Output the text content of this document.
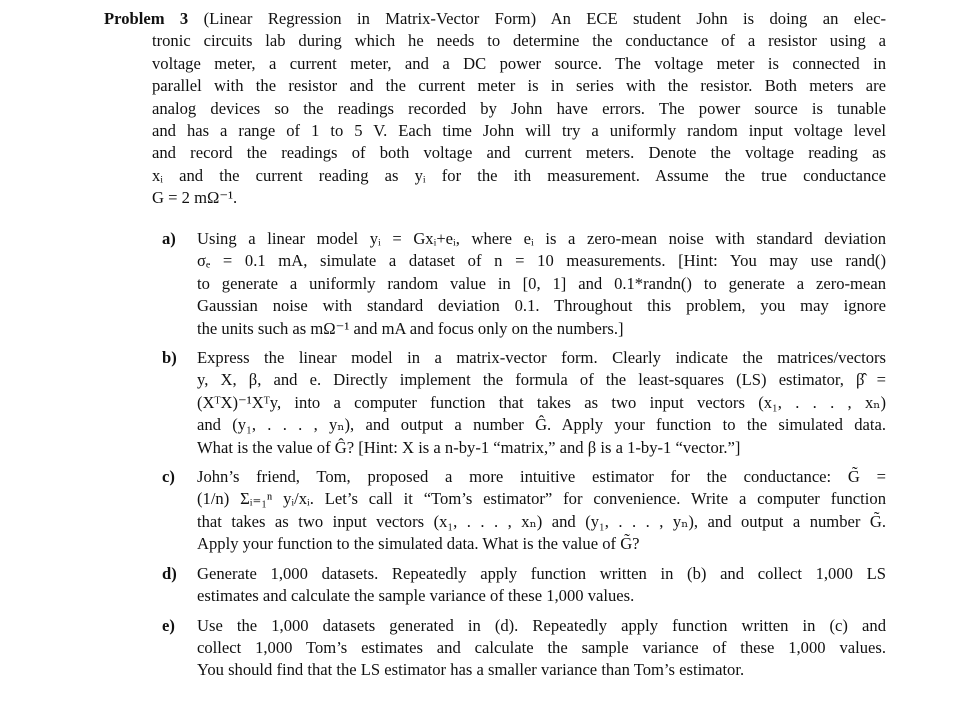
Problem 3 (Linear Regression in Matrix-Vector Form) An ECE student John is doing an elec-
tronic circuits lab during which he needs to determine the conductance of a resistor using a
voltage meter, a current meter, and a DC power source. The voltage meter is connected in
parallel with the resistor and the current meter is in series with the resistor. Both meters are
analog devices so the readings recorded by John have errors. The power source is tunable
and has a range of 1 to 5 V. Each time John will try a uniformly random input voltage level
and record the readings of both voltage and current meters. Denote the voltage reading as
xᵢ and the current reading as yᵢ for the ith measurement. Assume the true conductance
G = 2 mΩ⁻¹.
a) Using a linear model yᵢ = Gxᵢ+eᵢ, where eᵢ is a zero-mean noise with standard deviation
σₑ = 0.1 mA, simulate a dataset of n = 10 measurements. [Hint: You may use rand()
to generate a uniformly random value in [0, 1] and 0.1*randn() to generate a zero-mean
Gaussian noise with standard deviation 0.1. Throughout this problem, you may ignore
the units such as mΩ⁻¹ and mA and focus only on the numbers.]
b) Express the linear model in a matrix-vector form. Clearly indicate the matrices/vectors
y, X, β, and e. Directly implement the formula of the least-squares (LS) estimator, β̂ =
(XᵀX)⁻¹Xᵀy, into a computer function that takes as two input vectors (x₁, . . . , xₙ)
and (y₁, . . . , yₙ), and output a number Ĝ. Apply your function to the simulated data.
What is the value of Ĝ? [Hint: X is a n-by-1 “matrix,” and β is a 1-by-1 “vector.”]
c) John’s friend, Tom, proposed a more intuitive estimator for the conductance: G̃ =
(1/n) Σᵢ₌₁ⁿ yᵢ/xᵢ. Let’s call it “Tom’s estimator” for convenience. Write a computer function
that takes as two input vectors (x₁, . . . , xₙ) and (y₁, . . . , yₙ), and output a number G̃.
Apply your function to the simulated data. What is the value of G̃?
d) Generate 1,000 datasets. Repeatedly apply function written in (b) and collect 1,000 LS
estimates and calculate the sample variance of these 1,000 values.
e) Use the 1,000 datasets generated in (d). Repeatedly apply function written in (c) and
collect 1,000 Tom’s estimates and calculate the sample variance of these 1,000 values.
You should find that the LS estimator has a smaller variance than Tom’s estimator.
